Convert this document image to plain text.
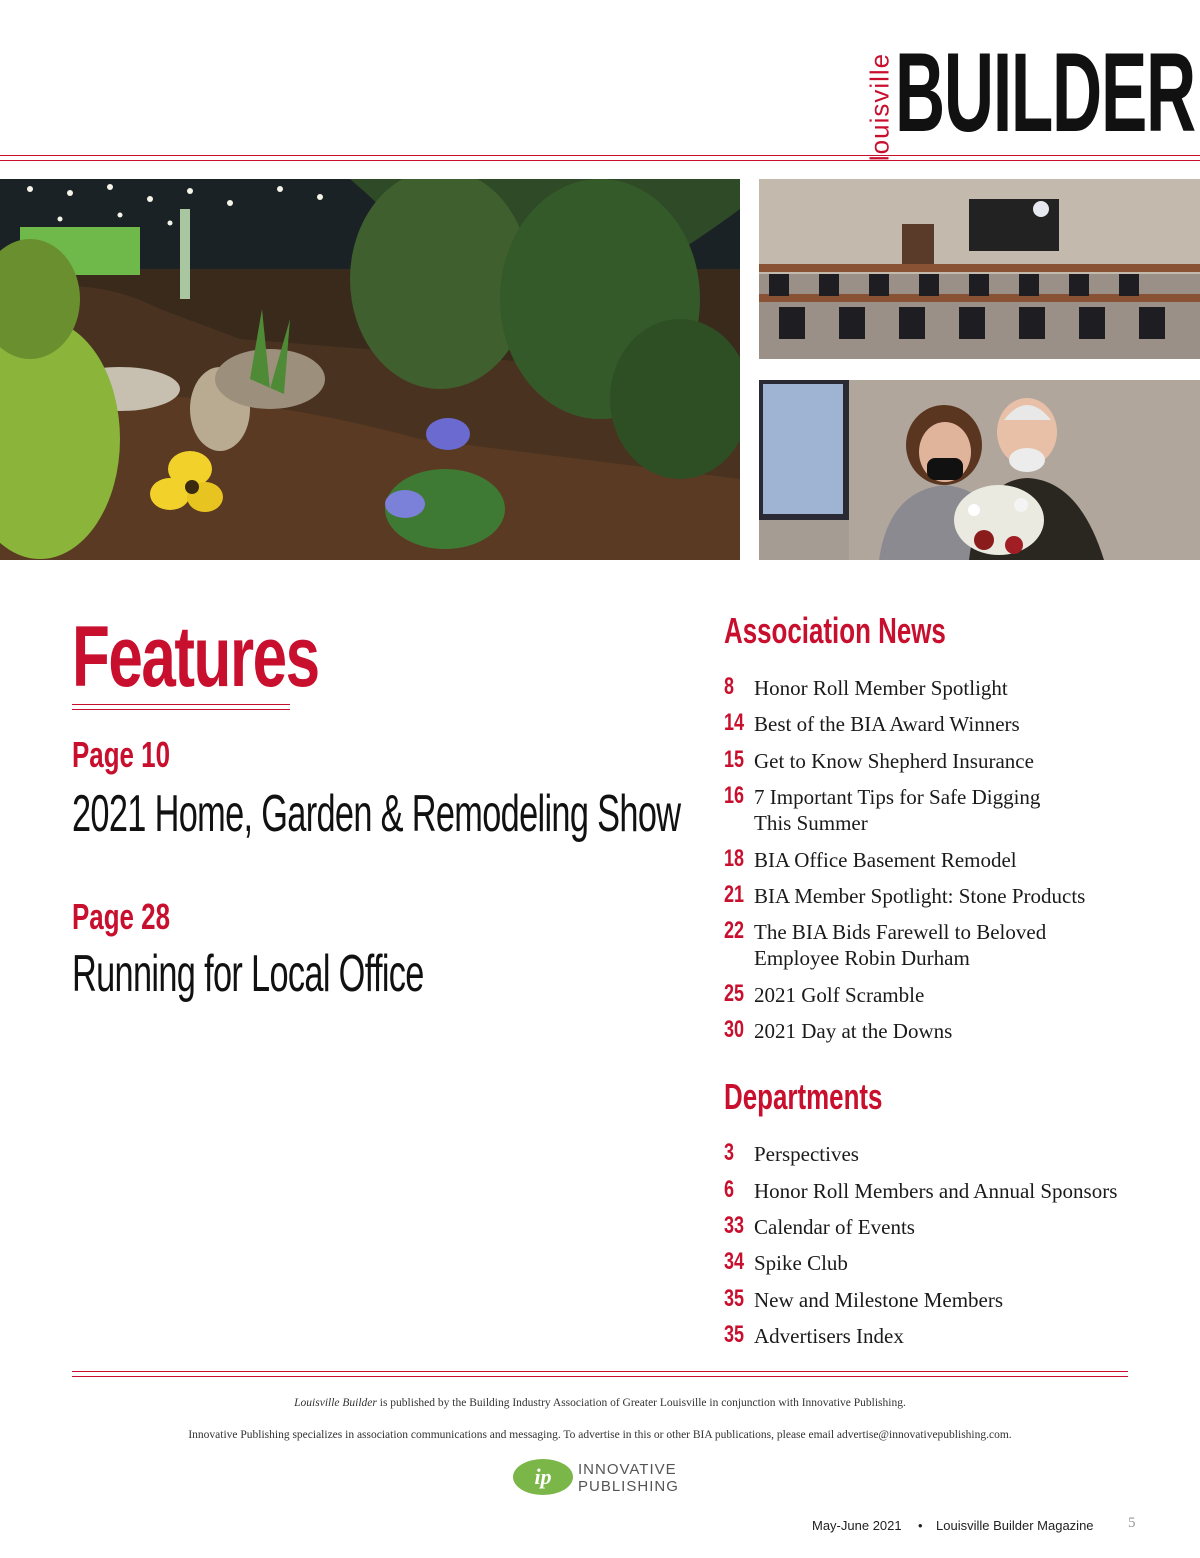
louisville BUILDER
Features
Page 10
2021 Home, Garden & Remodeling Show
Page 28
Running for Local Office
Association News
8 Honor Roll Member Spotlight
14 Best of the BIA Award Winners
15 Get to Know Shepherd Insurance
16 7 Important Tips for Safe Digging This Summer
18 BIA Office Basement Remodel
21 BIA Member Spotlight: Stone Products
22 The BIA Bids Farewell to Beloved Employee Robin Durham
25 2021 Golf Scramble
30 2021 Day at the Downs
Departments
3 Perspectives
6 Honor Roll Members and Annual Sponsors
33 Calendar of Events
34 Spike Club
35 New and Milestone Members
35 Advertisers Index
Louisville Builder is published by the Building Industry Association of Greater Louisville in conjunction with Innovative Publishing.
Innovative Publishing specializes in association communications and messaging. To advertise in this or other BIA publications, please email advertise@innovativepublishing.com.
ip INNOVATIVE
PUBLISHING
May-June 2021 • Louisville Builder Magazine 5
